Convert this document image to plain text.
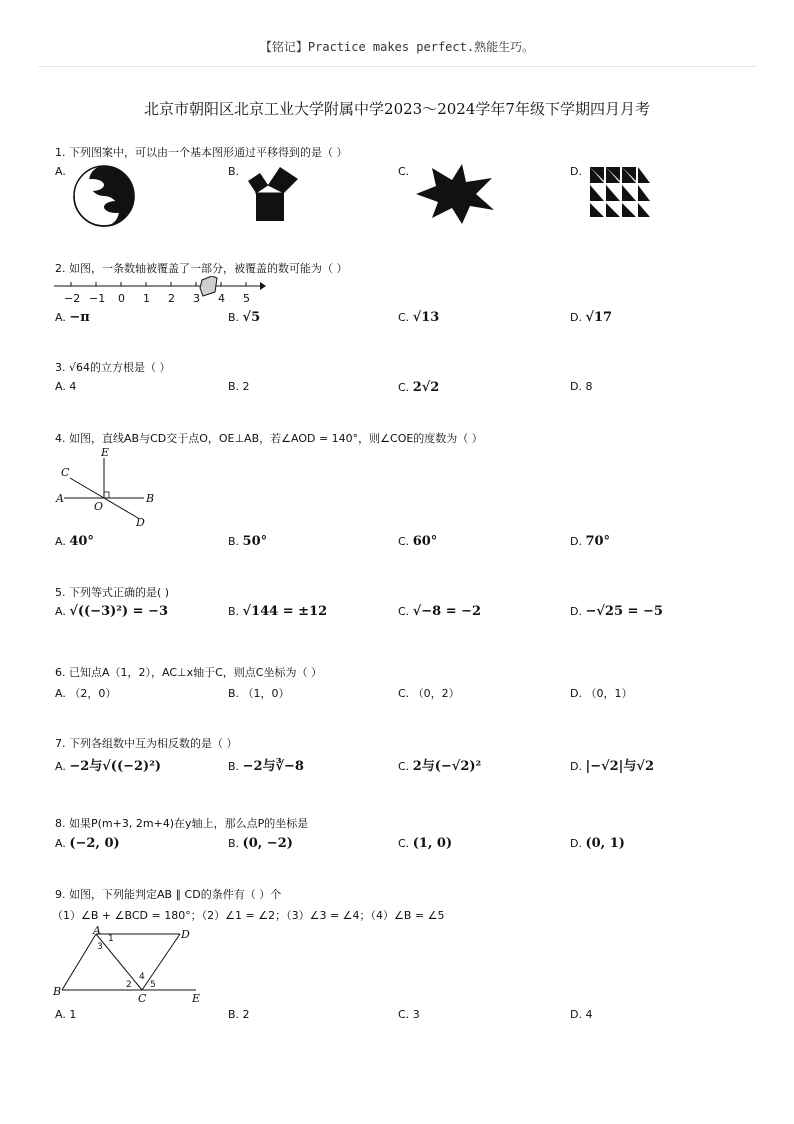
【铭记】Practice makes perfect.熟能生巧。
北京市朝阳区北京工业大学附属中学2023～2024学年7年级下学期四月月考
1. 下列图案中，可以由一个基本图形通过平移得到的是（ ）
A.	B.	C.	D.
2. 如图，一条数轴被覆盖了一部分，被覆盖的数可能为（ ）
−2 −1 0 1 2 3 4 5
A. −π	B. √5	C. √13	D. √17
3. √64的立方根是（ ）
A. 4	B. 2	C. 2√2	D. 8
4. 如图，直线AB与CD交于点O，OE⊥AB，若∠AOD = 140°，则∠COE的度数为（ ）
A	B
C
D
E
O
A. 40°	B. 50°	C. 60°	D. 70°
5. 下列等式正确的是( )
A. √((−3)²) = −3	B. √144 = ±12	C. √−8 = −2	D. −√25 = −5
6. 已知点A（1，2），AC⊥x轴于C，则点C坐标为（ ）
A. （2，0）	B. （1，0）	C. （0，2）	D. （0，1）
7. 下列各组数中互为相反数的是（ ）
A. −2与√((−2)²)	B. −2与∛−8	C. 2与(−√2)²	D. |−√2|与√2
8. 如果P(m+3, 2m+4)在y轴上，那么点P的坐标是
A. (−2, 0)	B. (0, −2)	C. (1, 0)	D. (0, 1)
9. 如图，下列能判定AB ∥ CD的条件有（ ）个
（1）∠B + ∠BCD = 180°；（2）∠1 = ∠2；（3）∠3 = ∠4；（4）∠B = ∠5
A
B
C
D
E
1
2
3
4
5
A. 1	B. 2	C. 3	D. 4
